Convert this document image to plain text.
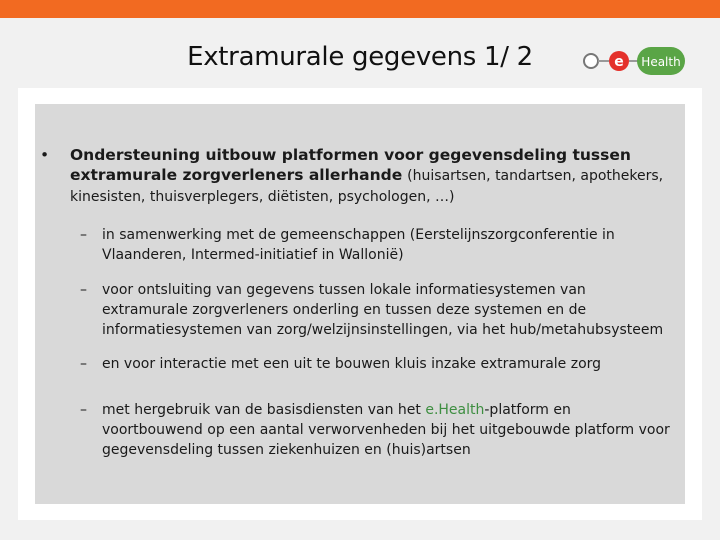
Extramurale gegevens 1/ 2	e Health
•	Ondersteuning uitbouw platformen voor gegevensdeling tussen extramurale zorgverleners allerhande (huisartsen, tandartsen, apothekers, kinesisten, thuisverplegers, diëtisten, psychologen, …)
– in samenwerking met de gemeenschappen (Eerstelijnszorgconferentie in Vlaanderen, Intermed-initiatief in Wallonië)
– voor ontsluiting van gegevens tussen lokale informatiesystemen van extramurale zorgverleners onderling en tussen deze systemen en de informatiesystemen van zorg/welzijnsinstellingen, via het hub/metahubsysteem
– en voor interactie met een uit te bouwen kluis inzake extramurale zorg
– met hergebruik van de basisdiensten van het e.Health-platform en voortbouwend op een aantal verworvenheden bij het uitgebouwde platform voor gegevensdeling tussen ziekenhuizen en (huis)artsen
